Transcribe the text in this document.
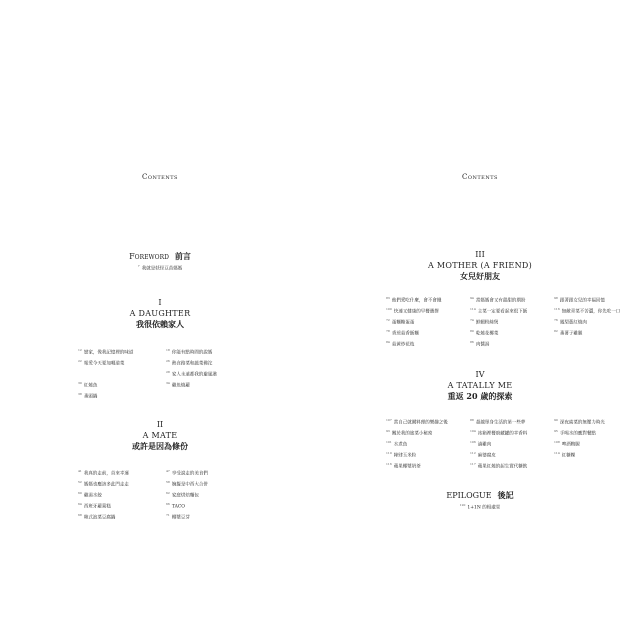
Contents
Foreword 前言
$^7$我就是妖怪豆苗媽媽
I
A DAUGHTER
我很依賴家人
$^{12}$戀家，像我記憶裡的味道
$^{18}$你能有點時間的說媽
$^{22}$報愛今天要加哪道菜
$^{26}$熱食路菜和蔬菜佛沱
$^{28}$家人永遠都我的避風港
$^{30}$紅燒魚
$^{34}$雞魚燒蘿
$^{38}$番頭鍋
II
A MATE
或許是因為條份
$^{41}$我真的走前，首來幸運
$^{47}$享受說走的美食們
$^{52}$媽媽也應該多此門走走
$^{58}$婉擬是中西大合併
$^{60}$雞湯水餃
$^{62}$家庭烘焙麵包
$^{64}$西班牙蘿蔔糕
$^{66}$TACO
$^{68}$韓式泡菜豆腐鍋
$^{71}$椰漿豆芽
Contents
III
A MOTHER (A FRIEND)
女兒好朋友
$^{83}$他們愛吃什麼，會不會餓
$^{94}$當媽媽會又有甜甜的期盼
$^{98}$跟著跟女兒的幸福回憶
$^{100}$快速又健康的早餐選擇
$^{114}$主菜一定要看起來很下飯
$^{116}$無敵青菜不苦澀，你先吃一口
$^{72}$蛋麵糖蛋蛋
$^{74}$鮮蝦粉絲煲
$^{76}$鳳梨蔥紅燒肉
$^{78}$香煎蒜香飯麵
$^{80}$乾燒花椰菜
$^{82}$番薯子雞腿
$^{84}$蒜黃炒花枝
$^{86}$肉醬湯
IV
A TATALLY ME
重返 20 歲的探索
$^{107}$當自己就爾料理的樂趣之後
$^{88}$超越單身生活的第一些夢
$^{90}$深夜齒菜的無壓力時光
$^{93}$關於我的旅菜小秘密
$^{104}$冰箱裡餐廚藏罐的幸香料
$^{95}$手喝水的應對餐點
$^{101}$水煮魚
$^{106}$滷雞肉
$^{108}$啤酒鴨腿
$^{110}$韓肆玉米粒
$^{112}$麻婆腐皮
$^{114}$紅糖粿
$^{116}$蘋果椰漿奶茶
$^{117}$蘋果紅燒的起生實代糖飲
EPILOGUE 後記
$^{120}$1+1N 的相處堂
